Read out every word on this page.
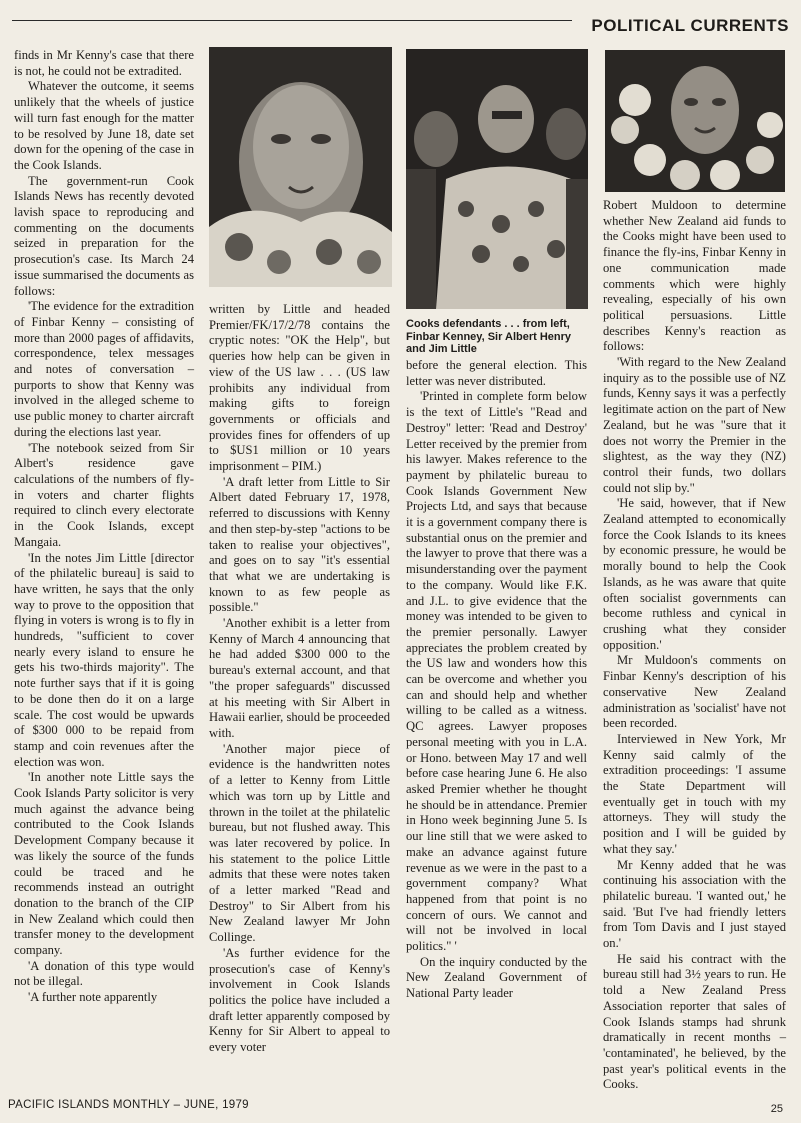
POLITICAL CURRENTS

finds in Mr Kenny's case that there is not, he could not be extradited.

Whatever the outcome, it seems unlikely that the wheels of justice will turn fast enough for the matter to be resolved by June 18, date set down for the opening of the case in the Cook Islands.

The government-run Cook Islands News has recently devoted lavish space to reproducing and commenting on the documents seized in preparation for the prosecution's case. Its March 24 issue summarised the documents as follows:

'The evidence for the extradition of Finbar Kenny – consisting of more than 2000 pages of affidavits, correspondence, telex messages and notes of conversation – purports to show that Kenny was involved in the alleged scheme to use public money to charter aircraft during the elections last year.

'The notebook seized from Sir Albert's residence gave calculations of the numbers of fly-in voters and charter flights required to clinch every electorate in the Cook Islands, except Mangaia.

'In the notes Jim Little [director of the philatelic bureau] is said to have written, he says that the only way to prove to the opposition that flying in voters is wrong is to fly in hundreds, "sufficient to cover nearly every island to ensure he gets his two-thirds majority". The note further says that if it is going to be done then do it on a large scale. The cost would be upwards of $300 000 to be repaid from stamp and coin revenues after the election was won.

'In another note Little says the Cook Islands Party solicitor is very much against the advance being contributed to the Cook Islands Development Company because it was likely the source of the funds could be traced and he recommends instead an outright donation to the branch of the CIP in New Zealand which could then transfer money to the development company.

'A donation of this type would not be illegal.

'A further note apparently

written by Little and headed Premier/FK/17/2/78 contains the cryptic notes: "OK the Help", but queries how help can be given in view of the US law . . . (US law prohibits any individual from making gifts to foreign governments or officials and provides fines for offenders of up to $US1 million or 10 years imprisonment – PIM.)

'A draft letter from Little to Sir Albert dated February 17, 1978, referred to discussions with Kenny and then step-by-step "actions to be taken to realise your objectives", and goes on to say "it's essential that what we are undertaking is known to as few people as possible."

'Another exhibit is a letter from Kenny of March 4 announcing that he had added $300 000 to the bureau's external account, and that "the proper safeguards" discussed at his meeting with Sir Albert in Hawaii earlier, should be proceeded with.

'Another major piece of evidence is the handwritten notes of a letter to Kenny from Little which was torn up by Little and thrown in the toilet at the philatelic bureau, but not flushed away. This was later recovered by police. In his statement to the police Little admits that these were notes taken of a letter marked "Read and Destroy" to Sir Albert from his New Zealand lawyer Mr John Collinge.

'As further evidence for the prosecution's case of Kenny's involvement in Cook Islands politics the police have included a draft letter apparently composed by Kenny for Sir Albert to appeal to every voter

Cooks defendants . . . from left, Finbar Kenney, Sir Albert Henry and Jim Little

before the general election. This letter was never distributed.

'Printed in complete form below is the text of Little's "Read and Destroy" letter: 'Read and Destroy' Letter received by the premier from his lawyer. Makes reference to the payment by philatelic bureau to Cook Islands Government New Projects Ltd, and says that because it is a government company there is substantial onus on the premier and the lawyer to prove that there was a misunderstanding over the payment to the company. Would like F.K. and J.L. to give evidence that the money was intended to be given to the premier personally. Lawyer appreciates the problem created by the US law and wonders how this can be overcome and whether you can and should help and whether willing to be called as a witness. QC agrees. Lawyer proposes personal meeting with you in L.A. or Hono. between May 17 and well before case hearing June 6. He also asked Premier whether he thought he should be in attendance. Premier in Hono week beginning June 5. Is our line still that we were asked to make an advance against future revenue as we were in the past to a government company? What happened from that point is no concern of ours. We cannot and will not be involved in local politics." '

On the inquiry conducted by the New Zealand Government of National Party leader

Robert Muldoon to determine whether New Zealand aid funds to the Cooks might have been used to finance the fly-ins, Finbar Kenny in one communication made comments which were highly revealing, especially of his own political persuasions. Little describes Kenny's reaction as follows:

'With regard to the New Zealand inquiry as to the possible use of NZ funds, Kenny says it was a perfectly legitimate action on the part of New Zealand, but he was "sure that it does not worry the Premier in the slightest, as the way they (NZ) control their funds, two dollars could not slip by."

'He said, however, that if New Zealand attempted to economically force the Cook Islands to its knees by economic pressure, he would be morally bound to help the Cook Islands, as he was aware that quite often socialist governments can become ruthless and cynical in crushing what they consider opposition.'

Mr Muldoon's comments on Finbar Kenny's description of his conservative New Zealand administration as 'socialist' have not been recorded.

Interviewed in New York, Mr Kenny said calmly of the extradition proceedings: 'I assume the State Department will eventually get in touch with my attorneys. They will study the position and I will be guided by what they say.'

Mr Kenny added that he was continuing his association with the philatelic bureau. 'I wanted out,' he said. 'But I've had friendly letters from Tom Davis and I just stayed on.'

He said his contract with the bureau still had 3½ years to run. He told a New Zealand Press Association reporter that sales of Cook Islands stamps had shrunk dramatically in recent months – 'contaminated', he believed, by the past year's political events in the Cooks.

PACIFIC ISLANDS MONTHLY – JUNE, 1979	25
